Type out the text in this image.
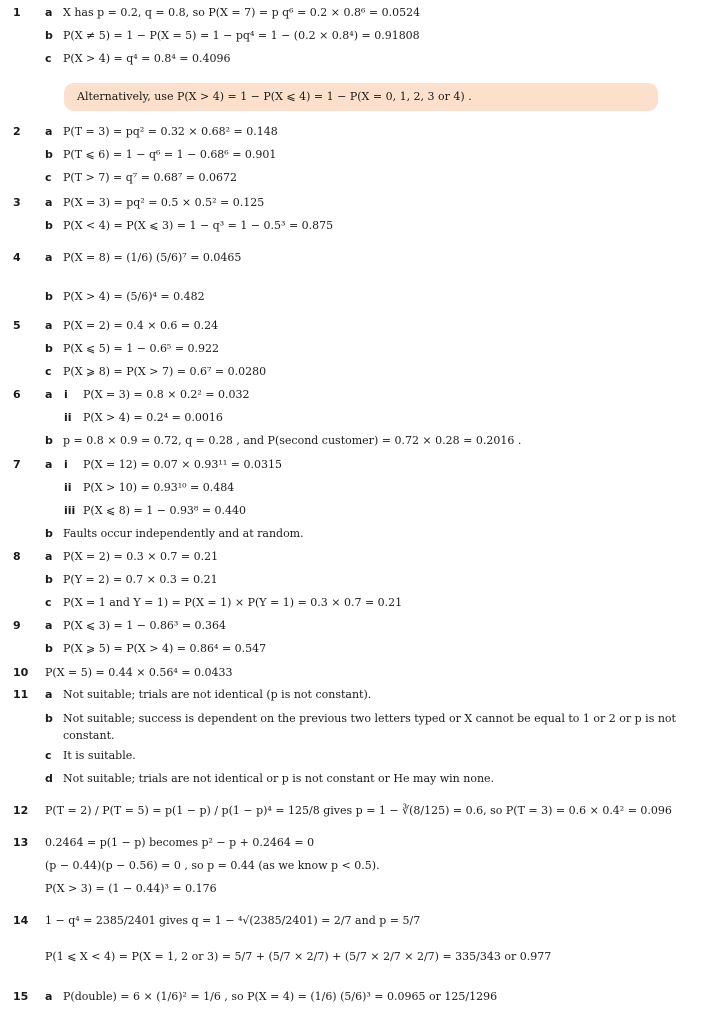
1 a X has p = 0.2, q = 0.8, so P(X = 7) = p q⁶ = 0.2 × 0.8⁶ = 0.0524
b P(X ≠ 5) = 1 − P(X = 5) = 1 − pq⁴ = 1 − (0.2 × 0.8⁴) = 0.91808
c P(X > 4) = q⁴ = 0.8⁴ = 0.4096
Alternatively, use P(X > 4) = 1 − P(X ⩽ 4) = 1 − P(X = 0, 1, 2, 3 or 4) .
2 a P(T = 3) = pq² = 0.32 × 0.68² = 0.148
b P(T ⩽ 6) = 1 − q⁶ = 1 − 0.68⁶ = 0.901
c P(T > 7) = q⁷ = 0.68⁷ = 0.0672
3 a P(X = 3) = pq² = 0.5 × 0.5² = 0.125
b P(X < 4) = P(X ⩽ 3) = 1 − q³ = 1 − 0.5³ = 0.875
4 a P(X = 8) = (1/6) (5/6)⁷ = 0.0465
b P(X > 4) = (5/6)⁴ = 0.482
5 a P(X = 2) = 0.4 × 0.6 = 0.24
b P(X ⩽ 5) = 1 − 0.6⁵ = 0.922
c P(X ⩾ 8) = P(X > 7) = 0.6⁷ = 0.0280
6 a i P(X = 3) = 0.8 × 0.2² = 0.032
ii P(X > 4) = 0.2⁴ = 0.0016
b p = 0.8 × 0.9 = 0.72, q = 0.28 , and P(second customer) = 0.72 × 0.28 = 0.2016 .
7 a i P(X = 12) = 0.07 × 0.93¹¹ = 0.0315
ii P(X > 10) = 0.93¹⁰ = 0.484
iii P(X ⩽ 8) = 1 − 0.93⁸ = 0.440
b Faults occur independently and at random.
8 a P(X = 2) = 0.3 × 0.7 = 0.21
b P(Y = 2) = 0.7 × 0.3 = 0.21
c P(X = 1 and Y = 1) = P(X = 1) × P(Y = 1) = 0.3 × 0.7 = 0.21
9 a P(X ⩽ 3) = 1 − 0.86³ = 0.364
b P(X ⩾ 5) = P(X > 4) = 0.86⁴ = 0.547
10 P(X = 5) = 0.44 × 0.56⁴ = 0.0433
11 a Not suitable; trials are not identical (p is not constant).
b Not suitable; success is dependent on the previous two letters typed or X cannot be equal to 1 or 2 or p is not constant.
c It is suitable.
d Not suitable; trials are not identical or p is not constant or He may win none.
12 P(T = 2) / P(T = 5) = p(1 − p) / p(1 − p)⁴ = 125/8 gives p = 1 − ∛(8/125) = 0.6, so P(T = 3) = 0.6 × 0.4² = 0.096
13 0.2464 = p(1 − p) becomes p² − p + 0.2464 = 0
(p − 0.44)(p − 0.56) = 0 , so p = 0.44 (as we know p < 0.5).
P(X > 3) = (1 − 0.44)³ = 0.176
14 1 − q⁴ = 2385/2401 gives q = 1 − ⁴√(2385/2401) = 2/7 and p = 5/7
P(1 ⩽ X < 4) = P(X = 1, 2 or 3) = 5/7 + (5/7 × 2/7) + (5/7 × 2/7 × 2/7) = 335/343 or 0.977
15 a P(double) = 6 × (1/6)² = 1/6 , so P(X = 4) = (1/6) (5/6)³ = 0.0965 or 125/1296
